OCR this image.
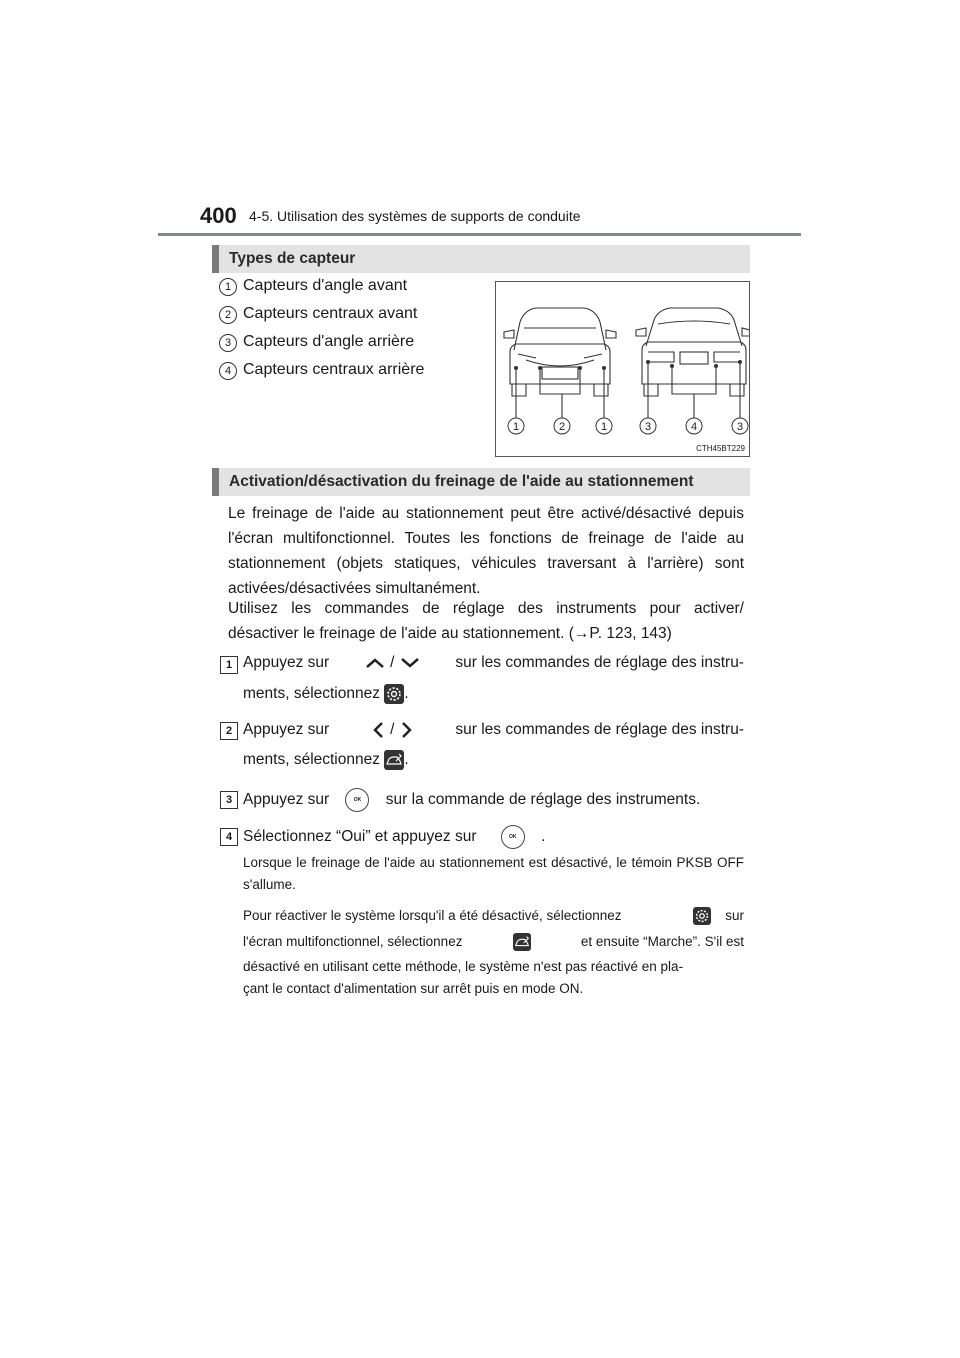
400 4-5. Utilisation des systèmes de supports de conduite
Types de capteur
1 Capteurs d'angle avant
2 Capteurs centraux avant
3 Capteurs d'angle arrière
4 Capteurs centraux arrière
1	2	1	3	4	3
CTH45BT229
Activation/désactivation du freinage de l'aide au stationnement
Le freinage de l'aide au stationnement peut être activé/désactivé depuis l'écran multifonctionnel. Toutes les fonctions de freinage de l'aide au stationnement (objets statiques, véhicules traversant à l'arrière) sont activées/désactivées simultanément.
Utilisez les commandes de réglage des instruments pour activer/ désactiver le freinage de l'aide au stationnement. (→P. 123, 143)
1 Appuyez sur	/	sur les commandes de réglage des instru-
ments, sélectionnez .
2 Appuyez sur	/	sur les commandes de réglage des instru-
ments, sélectionnez .
3 Appuyez sur	OK sur la commande de réglage des instruments.
4 Sélectionnez “Oui” et appuyez sur	OK .
Lorsque le freinage de l'aide au stationnement est désactivé, le témoin PKSB OFF s'allume.
Pour réactiver le système lorsqu'il a été désactivé, sélectionnez	sur
l'écran multifonctionnel, sélectionnez	et ensuite “Marche”. S'il est
désactivé en utilisant cette méthode, le système n'est pas réactivé en pla-
çant le contact d'alimentation sur arrêt puis en mode ON.
